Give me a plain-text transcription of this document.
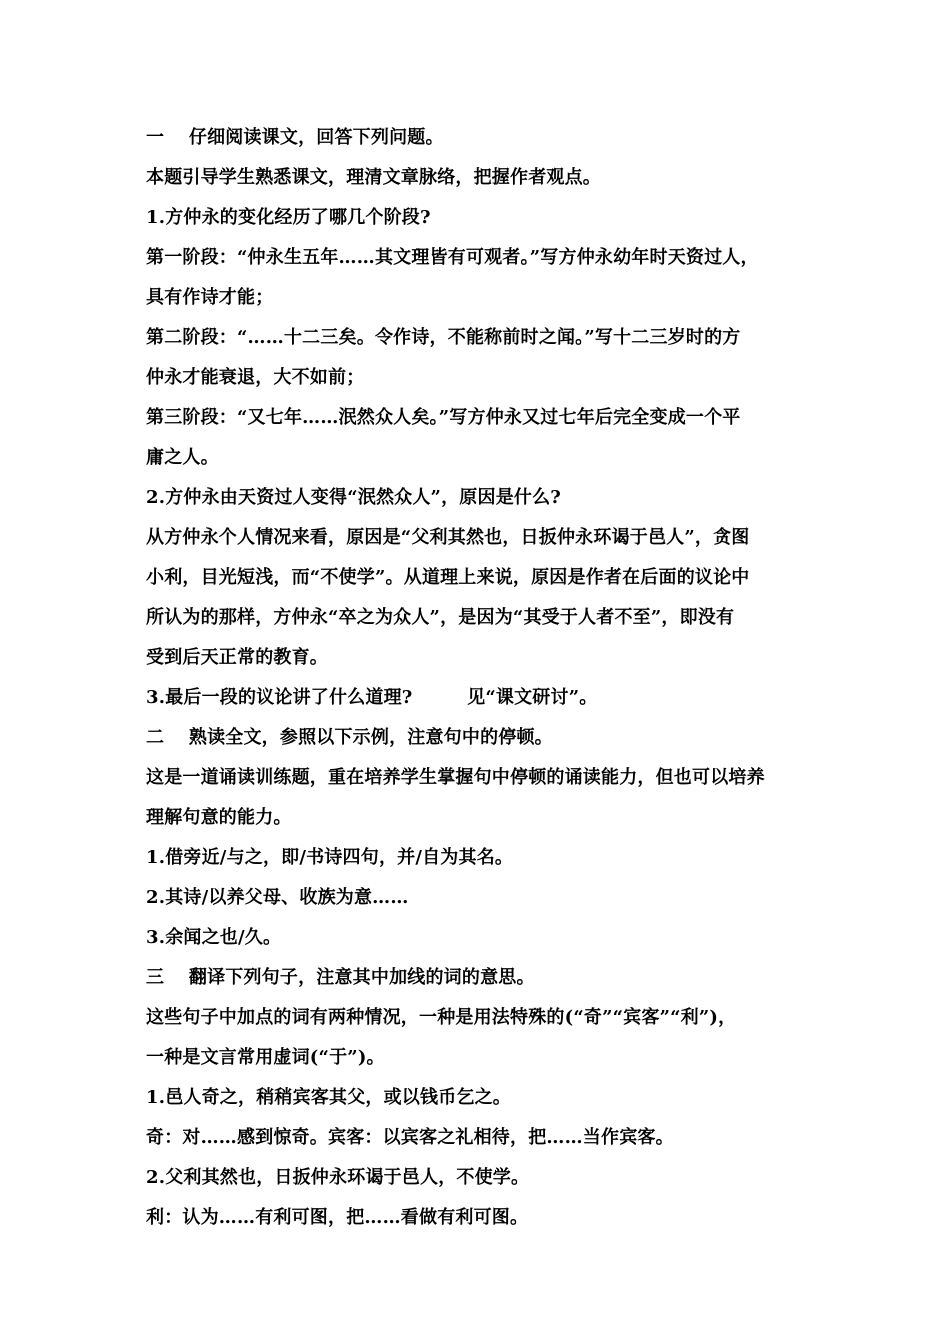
一　 仔细阅读课文，回答下列问题。
本题引导学生熟悉课文，理清文章脉络，把握作者观点。
1.方仲永的变化经历了哪几个阶段?
第一阶段：“仲永生五年……其文理皆有可观者。”写方仲永幼年时天资过人，
具有作诗才能；
第二阶段：“……十二三矣。令作诗，不能称前时之闻。”写十二三岁时的方
仲永才能衰退，大不如前；
第三阶段：“又七年……泯然众人矣。”写方仲永又过七年后完全变成一个平
庸之人。
2.方仲永由天资过人变得“泯然众人”，原因是什么?
从方仲永个人情况来看，原因是“父利其然也，日扳仲永环谒于邑人”，贪图
小利，目光短浅，而“不使学”。从道理上来说，原因是作者在后面的议论中
所认为的那样，方仲永“卒之为众人”，是因为“其受于人者不至”，即没有
受到后天正常的教育。
3.最后一段的议论讲了什么道理?　　　见“课文研讨”。
二　 熟读全文，参照以下示例，注意句中的停顿。
这是一道诵读训练题，重在培养学生掌握句中停顿的诵读能力，但也可以培养
理解句意的能力。
1.借旁近/与之，即/书诗四句，并/自为其名。
2.其诗/以养父母、收族为意……
3.余闻之也/久。
三　 翻译下列句子，注意其中加线的词的意思。
这些句子中加点的词有两种情况，一种是用法特殊的(“奇”“宾客”“利”)，
一种是文言常用虚词(“于”)。
1.邑人奇之，稍稍宾客其父，或以钱币乞之。
奇：对……感到惊奇。宾客：以宾客之礼相待，把……当作宾客。
2.父利其然也，日扳仲永环谒于邑人，不使学。
利：认为……有利可图，把……看做有利可图。
